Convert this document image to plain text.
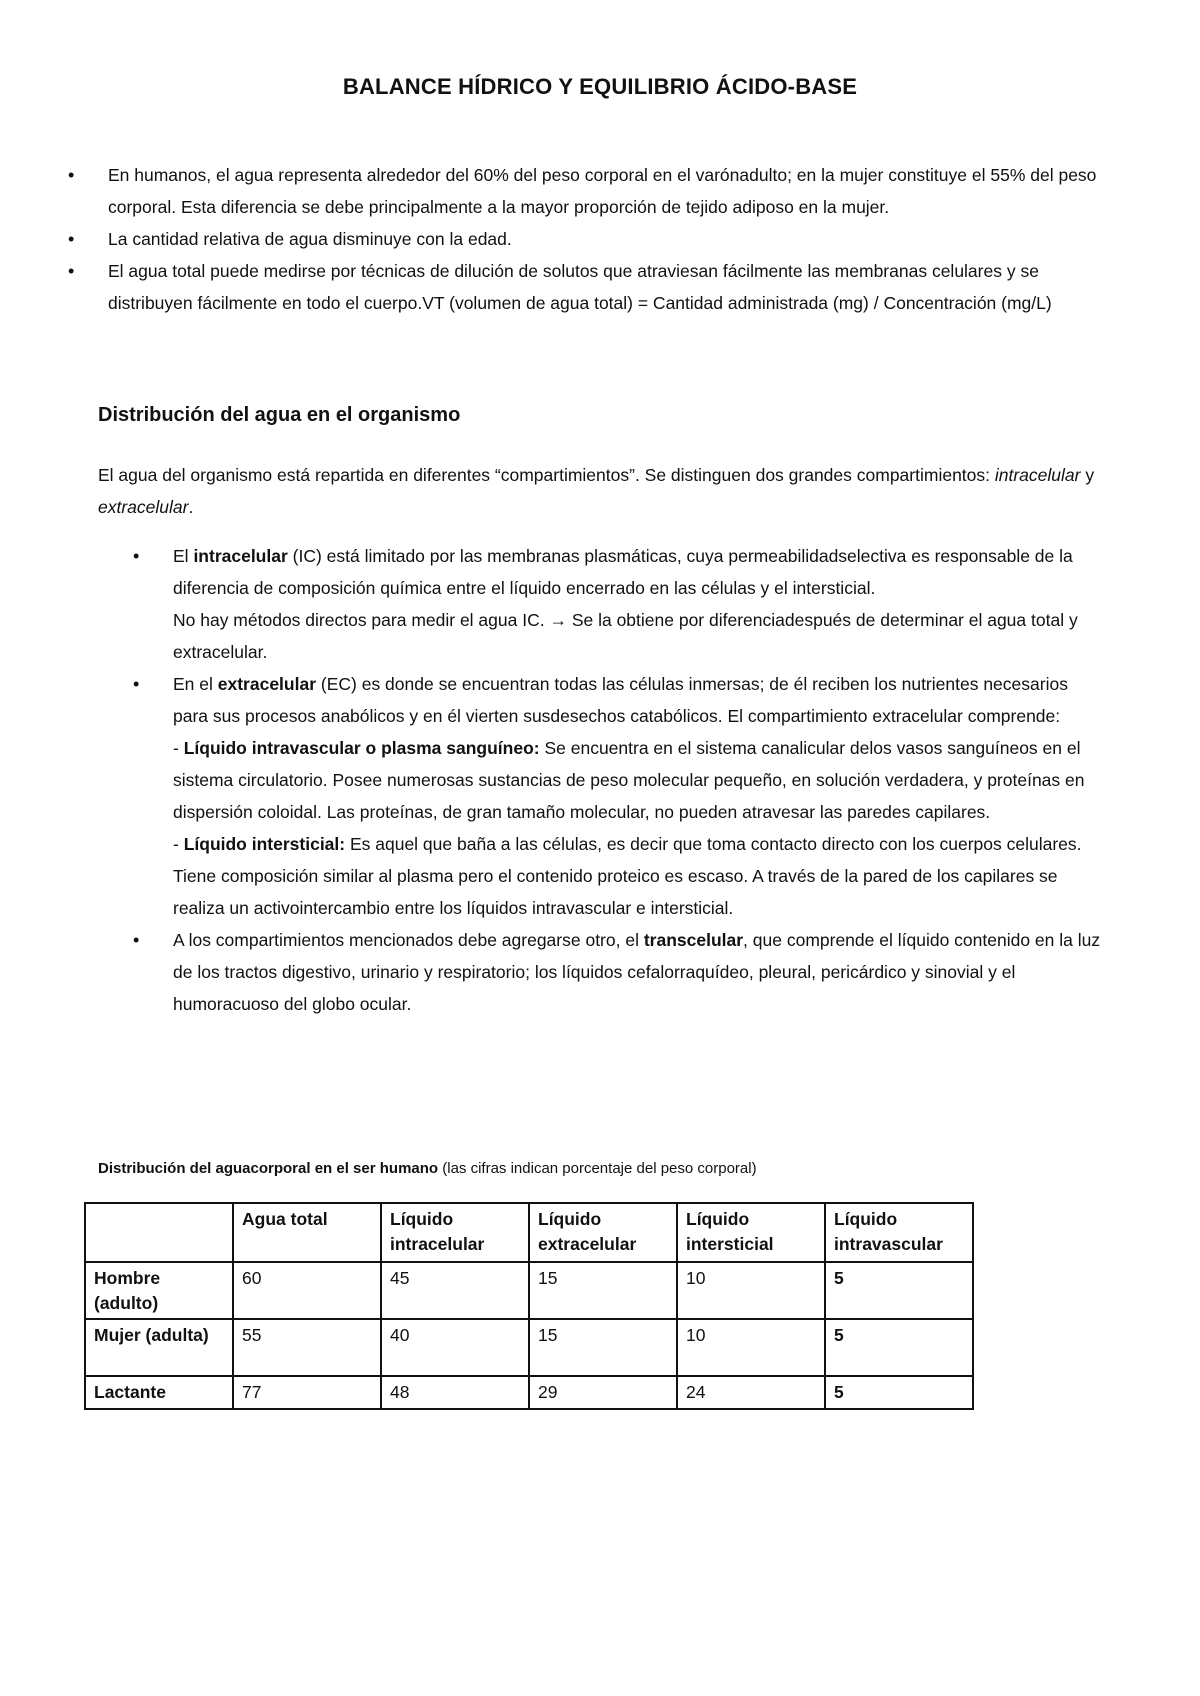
BALANCE HÍDRICO Y EQUILIBRIO ÁCIDO-BASE
• En humanos, el agua representa alrededor del 60% del peso corporal en el varónadulto; en la mujer constituye el 55% del peso corporal. Esta diferencia se debe principalmente a la mayor proporción de tejido adiposo en la mujer.
• La cantidad relativa de agua disminuye con la edad.
• El agua total puede medirse por técnicas de dilución de solutos que atraviesan fácilmente las membranas celulares y se distribuyen fácilmente en todo el cuerpo.VT (volumen de agua total) = Cantidad administrada (mg) / Concentración (mg/L)
Distribución del agua en el organismo
El agua del organismo está repartida en diferentes “compartimientos”. Se distinguen dos grandes compartimientos: intracelular y extracelular.
• El intracelular (IC) está limitado por las membranas plasmáticas, cuya permeabilidadselectiva es responsable de la diferencia de composición química entre el líquido encerrado en las células y el intersticial.
No hay métodos directos para medir el agua IC. → Se la obtiene por diferenciadespués de determinar el agua total y extracelular.
• En el extracelular (EC) es donde se encuentran todas las células inmersas; de él reciben los nutrientes necesarios para sus procesos anabólicos y en él vierten susdesechos catabólicos. El compartimiento extracelular comprende:
- Líquido intravascular o plasma sanguíneo: Se encuentra en el sistema canalicular delos vasos sanguíneos en el sistema circulatorio. Posee numerosas sustancias de peso molecular pequeño, en solución verdadera, y proteínas en dispersión coloidal. Las proteínas, de gran tamaño molecular, no pueden atravesar las paredes capilares.
- Líquido intersticial: Es aquel que baña a las células, es decir que toma contacto directo con los cuerpos celulares. Tiene composición similar al plasma pero el contenido proteico es escaso. A través de la pared de los capilares se realiza un activointercambio entre los líquidos intravascular e intersticial.
• A los compartimientos mencionados debe agregarse otro, el transcelular, que comprende el líquido contenido en la luz de los tractos digestivo, urinario y respiratorio; los líquidos cefalorraquídeo, pleural, pericárdico y sinovial y el humoracuoso del globo ocular.
Distribución del aguacorporal en el ser humano (las cifras indican porcentaje del peso corporal)
	Agua total	Líquido intracelular	Líquido extracelular	Líquido intersticial	Líquido intravascular
Hombre (adulto)	60	45	15	10	5
Mujer (adulta)	55	40	15	10	5
Lactante	77	48	29	24	5
